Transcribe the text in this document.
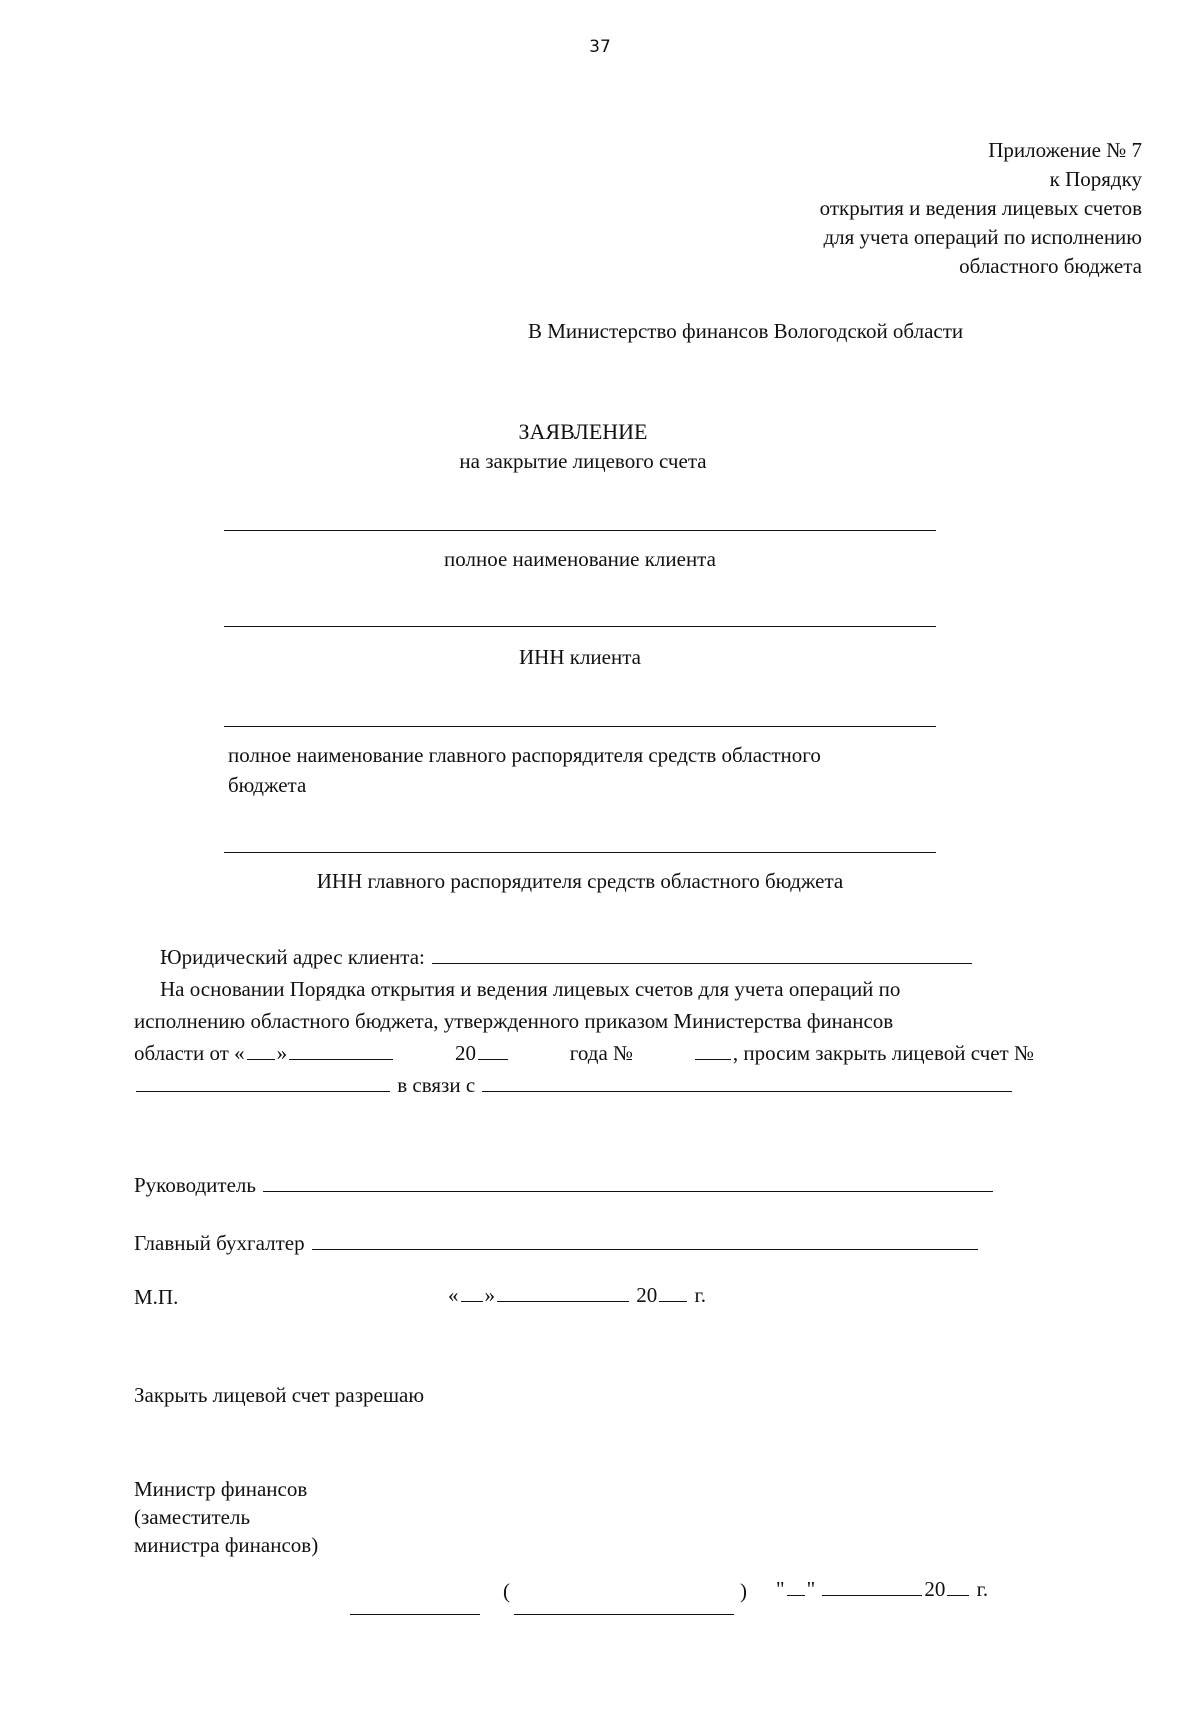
37
Приложение № 7
к Порядку
открытия и ведения лицевых счетов
для учета операций по исполнению
областного бюджета
В Министерство финансов Вологодской области
ЗАЯВЛЕНИЕ
на закрытие лицевого счета
полное наименование клиента
ИНН клиента
полное наименование главного распорядителя средств областного
бюджета
ИНН главного распорядителя средств областного бюджета
Юридический адрес клиента:
На основании Порядка открытия и ведения лицевых счетов для учета операций по
исполнению областного бюджета, утвержденного приказом Министерства финансов
области от « »	20	года №	, просим закрыть лицевой счет №
в связи с
Руководитель
Главный бухгалтер
М.П.	« »	20 г.
Закрыть лицевой счет разрешаю
Министр финансов
(заместитель
министра финансов)
(	) " "	20 г.
